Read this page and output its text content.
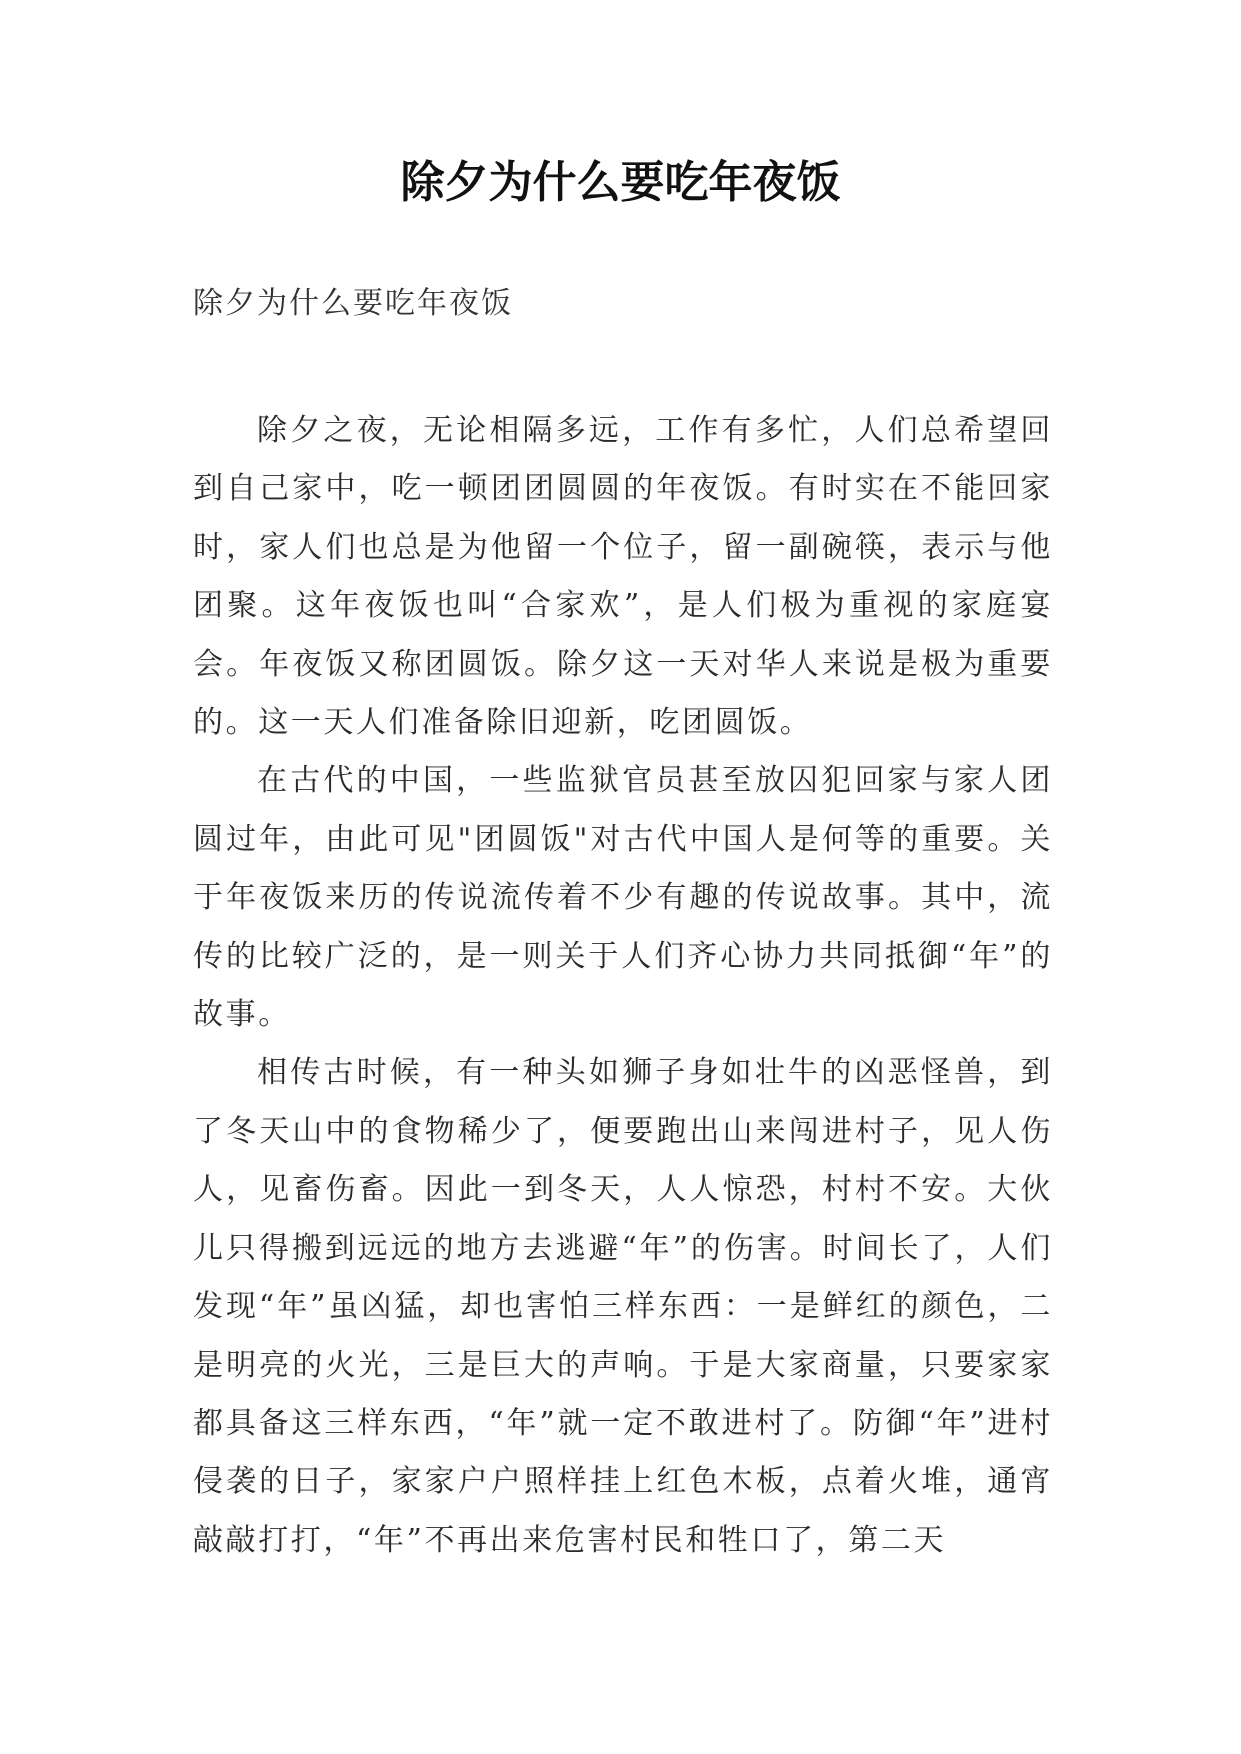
除夕为什么要吃年夜饭
除夕为什么要吃年夜饭

除夕之夜，无论相隔多远，工作有多忙，人们总希望回到自己家中，吃一顿团团圆圆的年夜饭。有时实在不能回家时，家人们也总是为他留一个位子，留一副碗筷，表示与他团聚。这年夜饭也叫“合家欢”，是人们极为重视的家庭宴会。年夜饭又称团圆饭。除夕这一天对华人来说是极为重要的。这一天人们准备除旧迎新，吃团圆饭。

在古代的中国，一些监狱官员甚至放囚犯回家与家人团圆过年，由此可见"团圆饭"对古代中国人是何等的重要。关于年夜饭来历的传说流传着不少有趣的传说故事。其中，流传的比较广泛的，是一则关于人们齐心协力共同抵御“年”的故事。

相传古时候，有一种头如狮子身如壮牛的凶恶怪兽，到了冬天山中的食物稀少了，便要跑出山来闯进村子，见人伤人，见畜伤畜。因此一到冬天，人人惊恐，村村不安。大伙儿只得搬到远远的地方去逃避“年”的伤害。时间长了，人们发现“年”虽凶猛，却也害怕三样东西：一是鲜红的颜色，二是明亮的火光，三是巨大的声响。于是大家商量，只要家家都具备这三样东西，“年”就一定不敢进村了。防御“年”进村侵袭的日子，家家户户照样挂上红色木板，点着火堆，通宵敲敲打打，“年”不再出来危害村民和牲口了，第二天
